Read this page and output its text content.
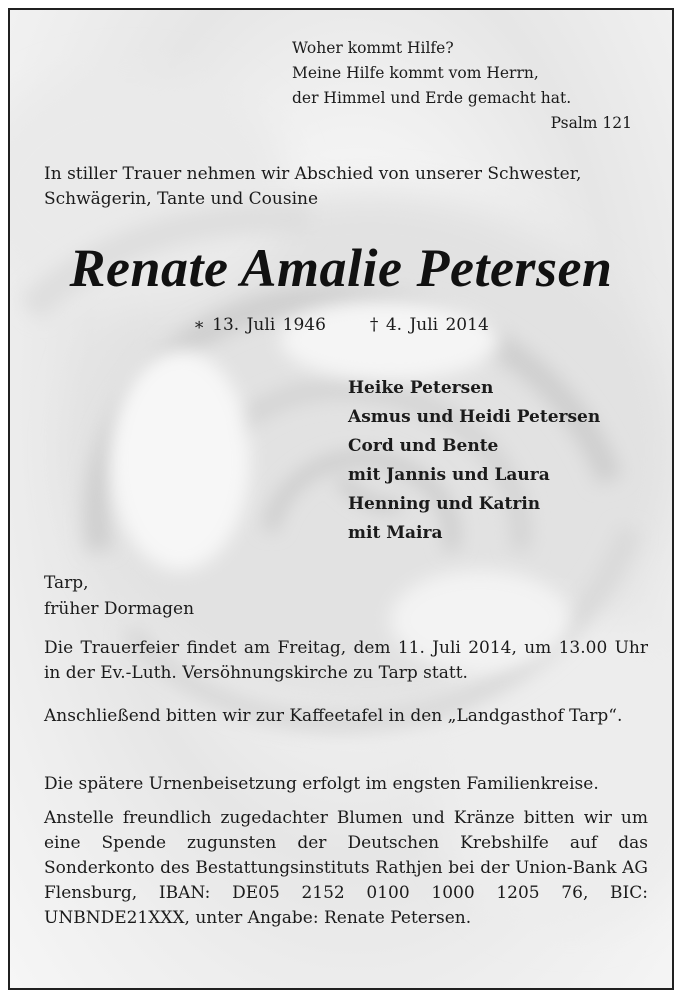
Woher kommt Hilfe?
Meine Hilfe kommt vom Herrn,
der Himmel und Erde gemacht hat.
Psalm 121

In stiller Trauer nehmen wir Abschied von unserer Schwester, Schwägerin, Tante und Cousine

Renate Amalie Petersen
∗ 13. Juli 1946	† 4. Juli 2014
Heike Petersen
Asmus und Heidi Petersen
Cord und Bente
mit Jannis und Laura
Henning und Katrin
mit Maira
Tarp,
früher Dormagen

Die Trauerfeier findet am Freitag, dem 11. Juli 2014, um 13.00 Uhr in der Ev.-Luth. Versöhnungskirche zu Tarp statt.

Anschließend bitten wir zur Kaffeetafel in den „Landgasthof Tarp“.

Die spätere Urnenbeisetzung erfolgt im engsten Familienkreise.

Anstelle freundlich zugedachter Blumen und Kränze bitten wir um eine Spende zugunsten der Deutschen Krebshilfe auf das Sonderkonto des Bestattungsinstituts Rathjen bei der Union-Bank AG Flensburg, IBAN: DE05 2152 0100 1000 1205 76, BIC: UNBNDE21XXX, unter Angabe: Renate Petersen.
